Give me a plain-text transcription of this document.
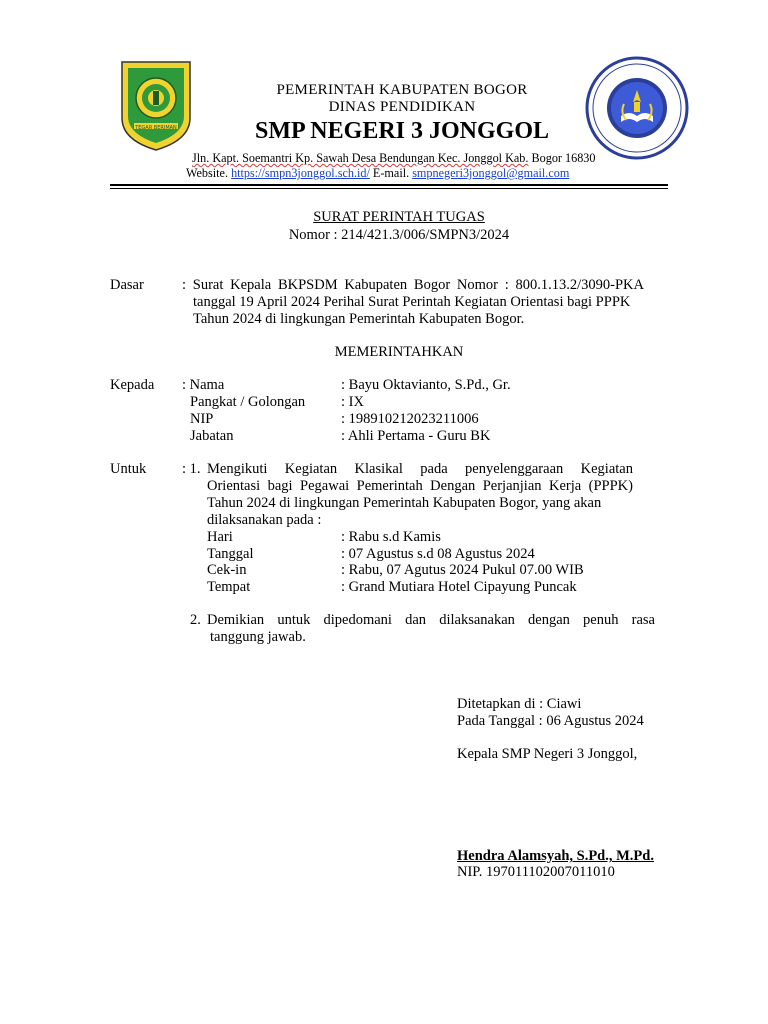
TEGAR BERIMAN
PEMERINTAH KABUPATEN BOGOR
DINAS PENDIDIKAN
SMP NEGERI 3 JONGGOL
Jln. Kapt. Soemantri Kp. Sawah Desa Bendungan Kec. Jonggol Kab. Bogor 16830
Website. https://smpn3jonggol.sch.id/ E-mail. smpnegeri3jonggol@gmail.com
SURAT PERINTAH TUGAS
Nomor : 214/421.3/006/SMPN3/2024
Dasar	: Surat Kepala BKPSDM Kabupaten Bogor Nomor : 800.1.13.2/3090-PKA
tanggal 19 April 2024 Perihal Surat Perintah Kegiatan Orientasi bagi PPPK
Tahun 2024 di lingkungan Pemerintah Kabupaten Bogor.
MEMERINTAHKAN
Kepada : Nama	: Bayu Oktavianto, S.Pd., Gr.
Pangkat / Golongan : IX
NIP	: 198910212023211006
Jabatan	: Ahli Pertama - Guru BK
Untuk : 1. Mengikuti Kegiatan Klasikal pada penyelenggaraan Kegiatan
Orientasi bagi Pegawai Pemerintah Dengan Perjanjian Kerja (PPPK)
Tahun 2024 di lingkungan Pemerintah Kabupaten Bogor, yang akan
dilaksanakan pada :
Hari	: Rabu s.d Kamis
Tanggal	: 07 Agustus s.d 08 Agustus 2024
Cek-in	: Rabu, 07 Agutus 2024 Pukul 07.00 WIB
Tempat	: Grand Mutiara Hotel Cipayung Puncak
2. Demikian untuk dipedomani dan dilaksanakan dengan penuh rasa
tanggung jawab.
Ditetapkan di : Ciawi
Pada Tanggal : 06 Agustus 2024
Kepala SMP Negeri 3 Jonggol,
Hendra Alamsyah, S.Pd., M.Pd.
NIP. 197011102007011010
